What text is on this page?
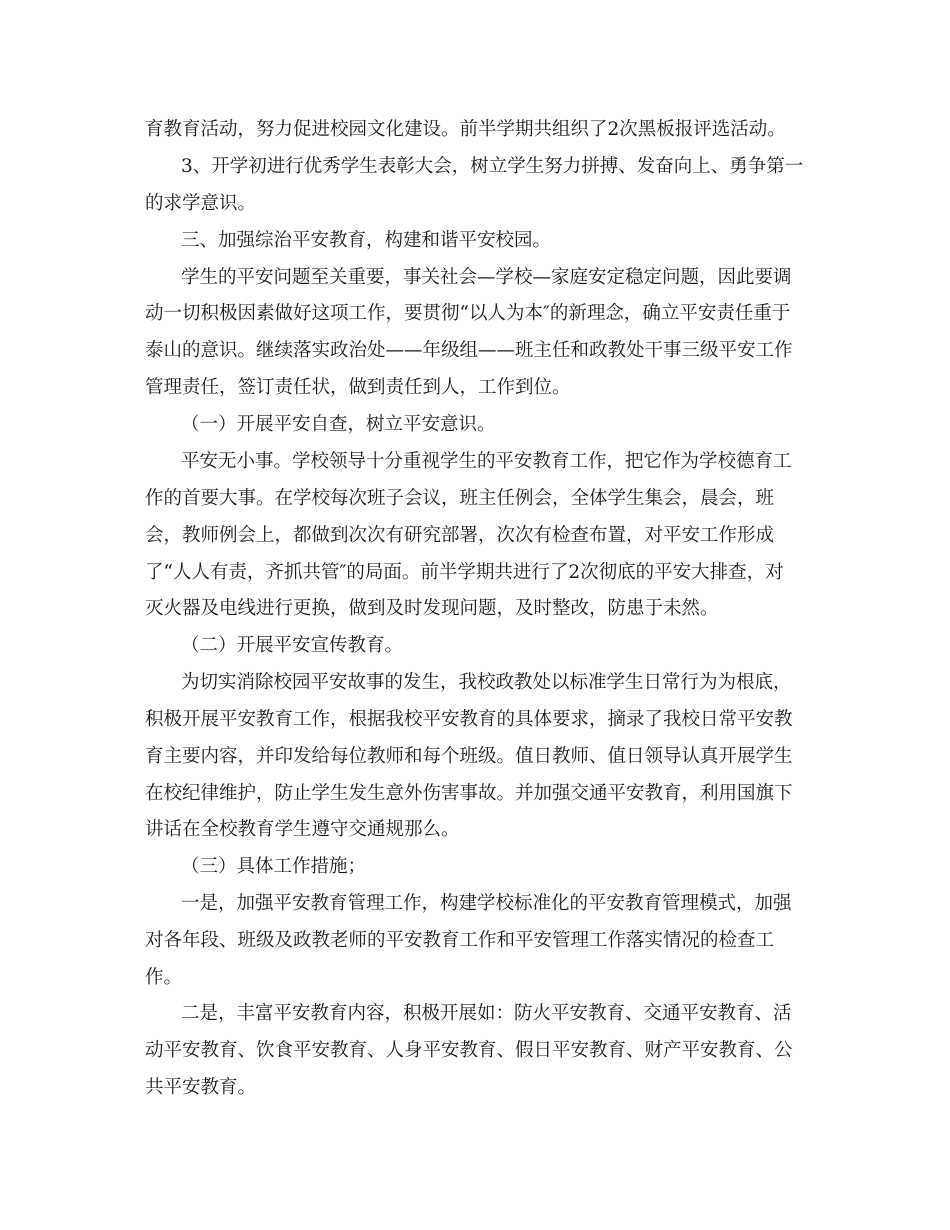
育教育活动，努力促进校园文化建设。前半学期共组织了2次黑板报评选活动。
3、开学初进行优秀学生表彰大会，树立学生努力拼搏、发奋向上、勇争第一
的求学意识。
三、加强综治平安教育，构建和谐平安校园。
学生的平安问题至关重要，事关社会—学校—家庭安定稳定问题，因此要调
动一切积极因素做好这项工作，要贯彻“以人为本″的新理念，确立平安责任重于
泰山的意识。继续落实政治处——年级组——班主任和政教处干事三级平安工作
管理责任，签订责任状，做到责任到人，工作到位。
（一）开展平安自查，树立平安意识。
平安无小事。学校领导十分重视学生的平安教育工作，把它作为学校德育工
作的首要大事。在学校每次班子会议，班主任例会，全体学生集会，晨会，班
会，教师例会上，都做到次次有研究部署，次次有检查布置，对平安工作形成
了“人人有责，齐抓共管″的局面。前半学期共进行了2次彻底的平安大排查，对
灭火器及电线进行更换，做到及时发现问题，及时整改，防患于未然。
（二）开展平安宣传教育。
为切实消除校园平安故事的发生，我校政教处以标准学生日常行为为根底，
积极开展平安教育工作，根据我校平安教育的具体要求，摘录了我校日常平安教
育主要内容，并印发给每位教师和每个班级。值日教师、值日领导认真开展学生
在校纪律维护，防止学生发生意外伤害事故。并加强交通平安教育，利用国旗下
讲话在全校教育学生遵守交通规那么。
（三）具体工作措施；
一是，加强平安教育管理工作，构建学校标准化的平安教育管理模式，加强
对各年段、班级及政教老师的平安教育工作和平安管理工作落实情况的检查工
作。
二是，丰富平安教育内容，积极开展如：防火平安教育、交通平安教育、活
动平安教育、饮食平安教育、人身平安教育、假日平安教育、财产平安教育、公
共平安教育。
